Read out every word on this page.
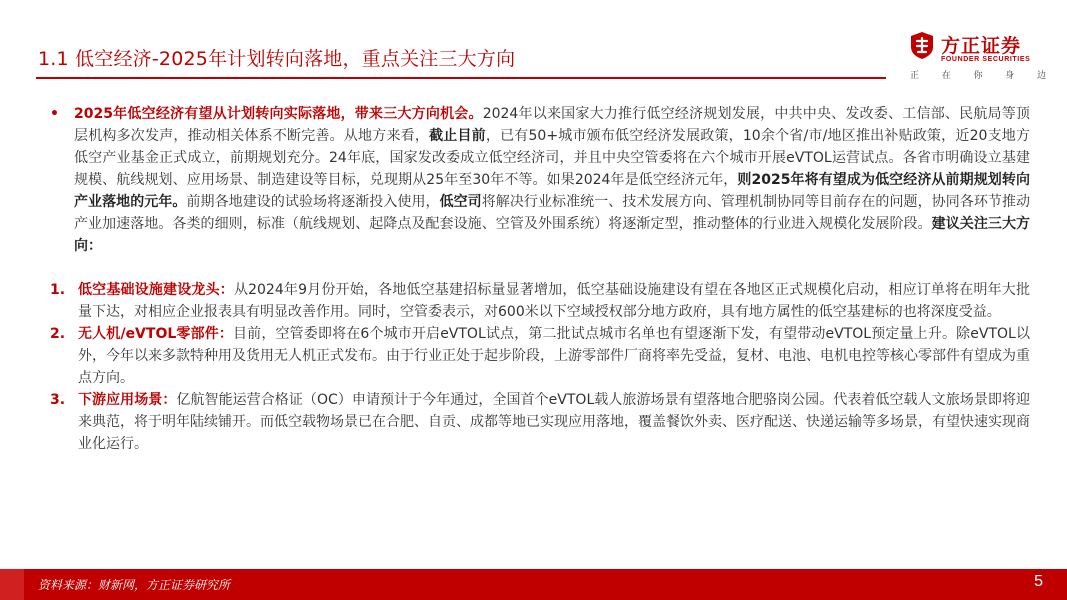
1.1 低空经济-2025年计划转向落地，重点关注三大方向
方正证券
FOUNDER SECURITIES
正	在	你	身	边
• 2025年低空经济有望从计划转向实际落地，带来三大方向机会。2024年以来国家大力推行低空经济规划发展，中共中央、发改委、工信部、民航局等顶层机构多次发声，推动相关体系不断完善。从地方来看，截止目前，已有50+城市颁布低空经济发展政策，10余个省/市/地区推出补贴政策，近20支地方低空产业基金正式成立，前期规划充分。24年底，国家发改委成立低空经济司，并且中央空管委将在六个城市开展eVTOL运营试点。各省市明确设立基建规模、航线规划、应用场景、制造建设等目标，兑现期从25年至30年不等。如果2024年是低空经济元年，则2025年将有望成为低空经济从前期规划转向产业落地的元年。前期各地建设的试验场将逐渐投入使用，低空司将解决行业标准统一、技术发展方向、管理机制协同等目前存在的问题，协同各环节推动产业加速落地。各类的细则，标准（航线规划、起降点及配套设施、空管及外围系统）将逐渐定型，推动整体的行业进入规模化发展阶段。建议关注三大方向：
1. 低空基础设施建设龙头：从2024年9月份开始，各地低空基建招标量显著增加，低空基础设施建设有望在各地区正式规模化启动，相应订单将在明年大批量下达，对相应企业报表具有明显改善作用。同时，空管委表示，对600米以下空域授权部分地方政府，具有地方属性的低空基建标的也将深度受益。
2. 无人机/eVTOL零部件：目前，空管委即将在6个城市开启eVTOL试点，第二批试点城市名单也有望逐渐下发，有望带动eVTOL预定量上升。除eVTOL以外，今年以来多款特种用及货用无人机正式发布。由于行业正处于起步阶段，上游零部件厂商将率先受益，复材、电池、电机电控等核心零部件有望成为重点方向。
3. 下游应用场景：亿航智能运营合格证（OC）申请预计于今年通过，全国首个eVTOL载人旅游场景有望落地合肥骆岗公园。代表着低空载人文旅场景即将迎来典范，将于明年陆续铺开。而低空载物场景已在合肥、自贡、成都等地已实现应用落地，覆盖餐饮外卖、医疗配送、快递运输等多场景，有望快速实现商业化运行。
资料来源：财新网，方正证券研究所	5
